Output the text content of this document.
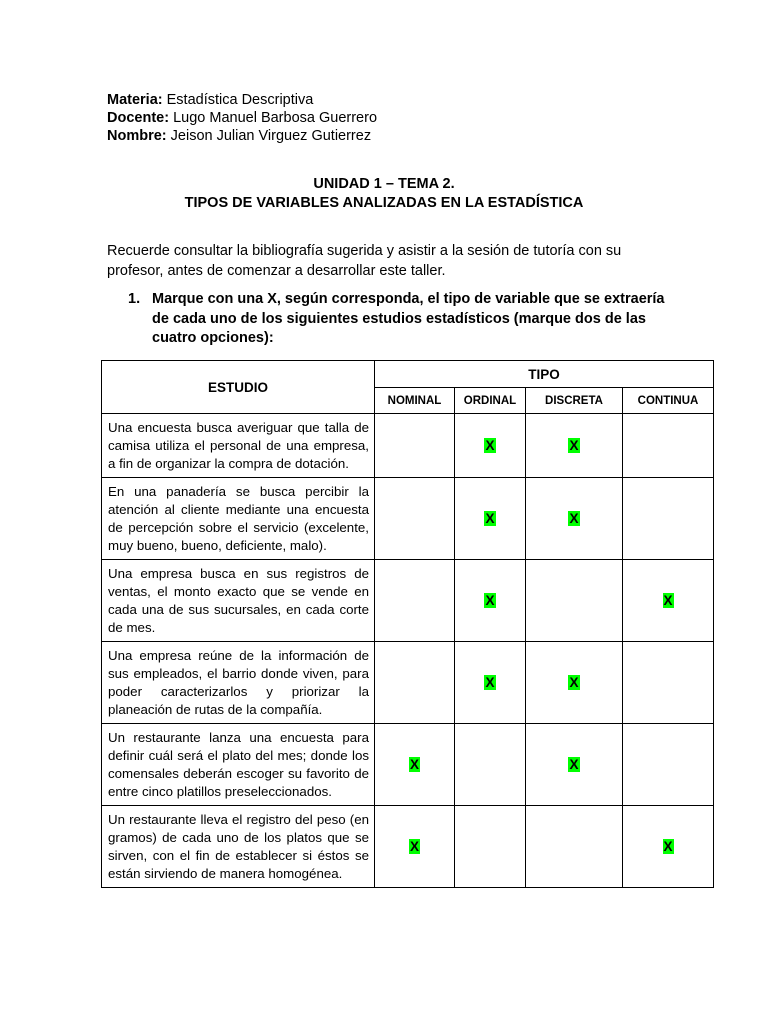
Materia: Estadística Descriptiva
Docente: Lugo Manuel Barbosa Guerrero
Nombre: Jeison Julian Virguez Gutierrez
UNIDAD 1 – TEMA 2.
TIPOS DE VARIABLES ANALIZADAS EN LA ESTADÍSTICA
Recuerde consultar la bibliografía sugerida y asistir a la sesión de tutoría con su profesor, antes de comenzar a desarrollar este taller.
1. Marque con una X, según corresponda, el tipo de variable que se extraería de cada uno de los siguientes estudios estadísticos (marque dos de las cuatro opciones):
ESTUDIO	TIPO			
	NOMINAL	ORDINAL	DISCRETA	CONTINUA
Una encuesta busca averiguar que talla de camisa utiliza el personal de una empresa, a fin de organizar la compra de dotación.		X	X	
En una panadería se busca percibir la atención al cliente mediante una encuesta de percepción sobre el servicio (excelente, muy bueno, bueno, deficiente, malo).		X	X	
Una empresa busca en sus registros de ventas, el monto exacto que se vende en cada una de sus sucursales, en cada corte de mes.		X		X
Una empresa reúne de la información de sus empleados, el barrio donde viven, para poder caracterizarlos y priorizar la planeación de rutas de la compañía.		X	X	
Un restaurante lanza una encuesta para definir cuál será el plato del mes; donde los comensales deberán escoger su favorito de entre cinco platillos preseleccionados.	X		X	
Un restaurante lleva el registro del peso (en gramos) de cada uno de los platos que se sirven, con el fin de establecer si éstos se están sirviendo de manera homogénea.	X			X
